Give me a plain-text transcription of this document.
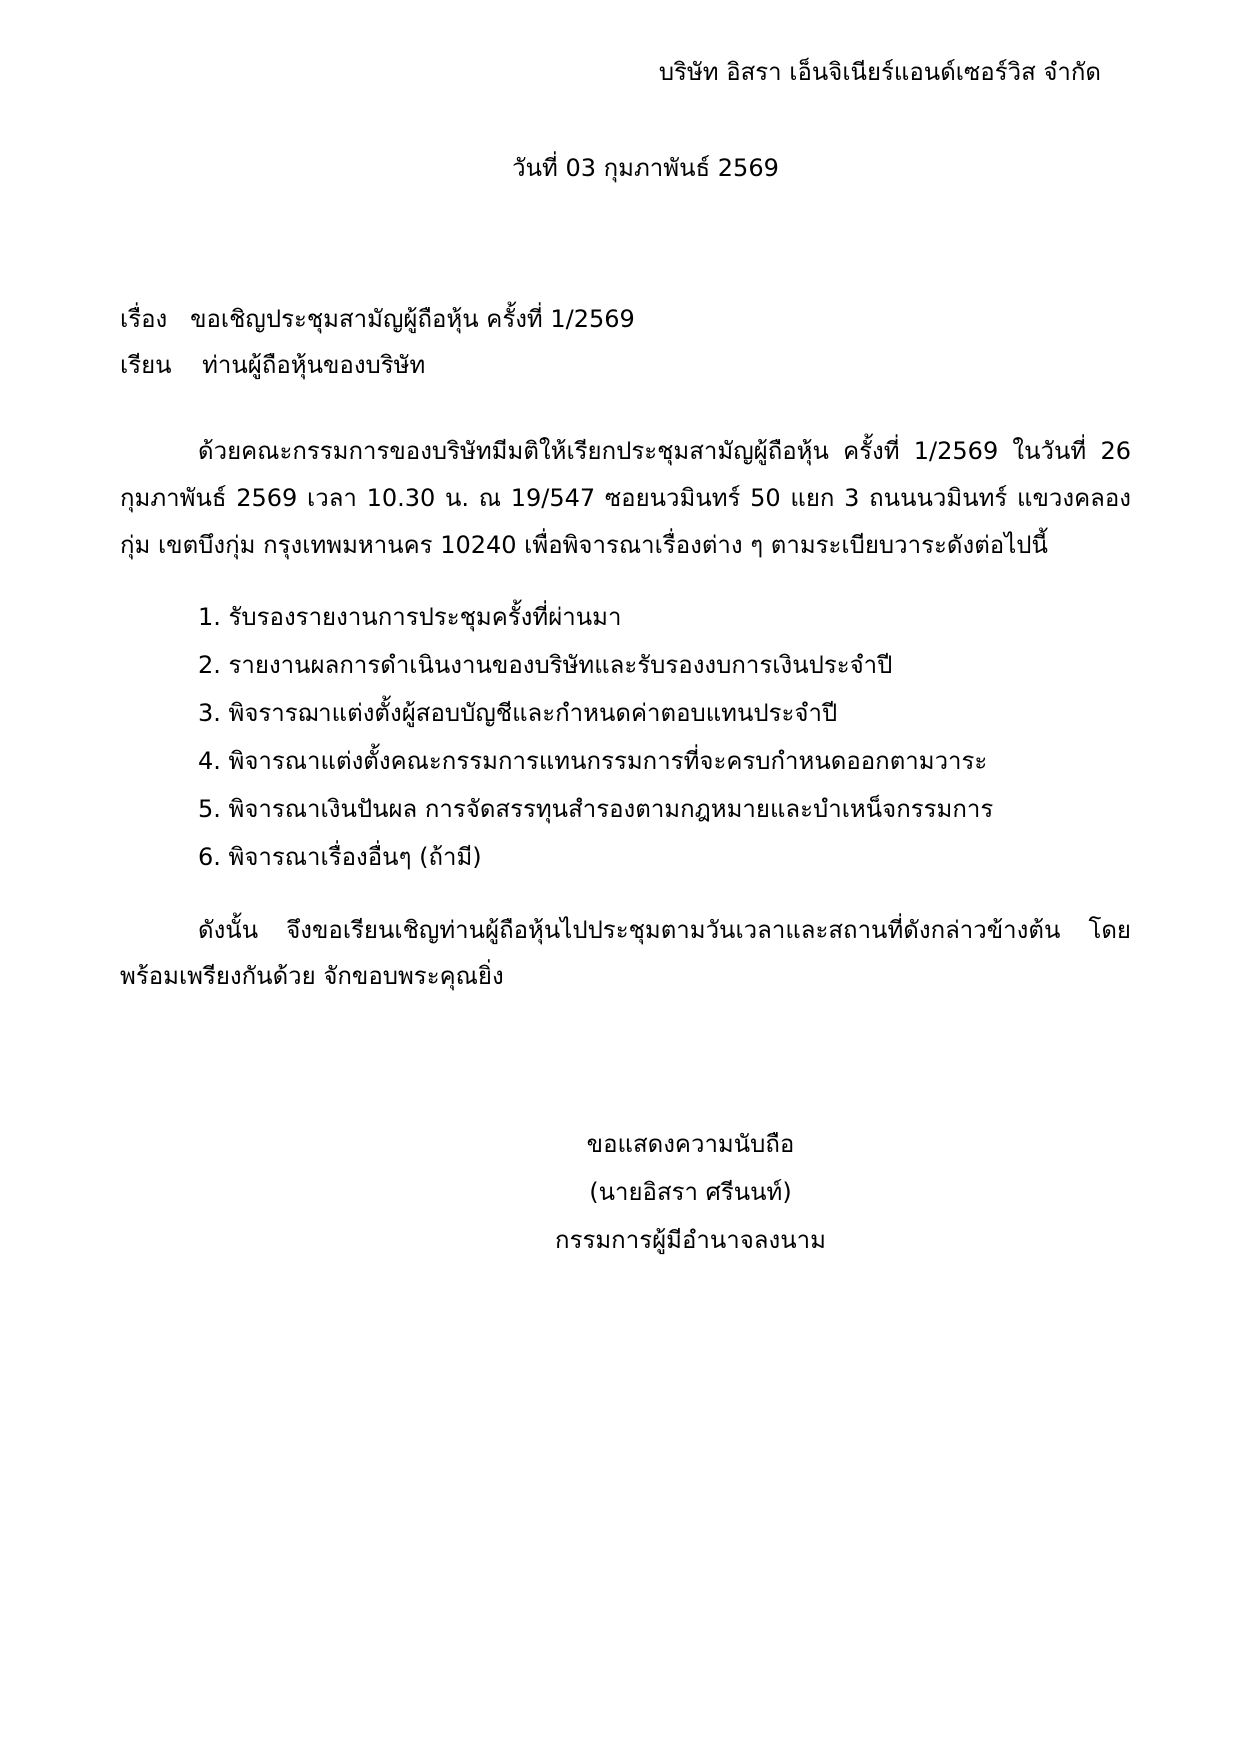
บริษัท อิสรา เอ็นจิเนียร์แอนด์เซอร์วิส จำกัด
วันที่ 03 กุมภาพันธ์ 2569
เรื่อง   ขอเชิญประชุมสามัญผู้ถือหุ้น ครั้งที่ 1/2569
เรียน    ท่านผู้ถือหุ้นของบริษัท

ด้วยคณะกรรมการของบริษัทมีมติให้เรียกประชุมสามัญผู้ถือหุ้น ครั้งที่ 1/2569 ในวันที่ 26 กุมภาพันธ์ 2569 เวลา 10.30 น. ณ 19/547 ซอยนวมินทร์ 50 แยก 3 ถนนนวมินทร์ แขวงคลองกุ่ม เขตบึงกุ่ม กรุงเทพมหานคร 10240 เพื่อพิจารณาเรื่องต่าง ๆ ตามระเบียบวาระดังต่อไปนี้

1. รับรองรายงานการประชุมครั้งที่ผ่านมา
2. รายงานผลการดำเนินงานของบริษัทและรับรองงบการเงินประจำปี
3. พิจรารฌาแต่งตั้งผู้สอบบัญชีและกำหนดค่าตอบแทนประจำปี
4. พิจารณาแต่งตั้งคณะกรรมการแทนกรรมการที่จะครบกำหนดออกตามวาระ
5. พิจารณาเงินปันผล การจัดสรรทุนสำรองตามกฎหมายและบำเหน็จกรรมการ
6. พิจารณาเรื่องอื่นๆ (ถ้ามี)

ดังนั้น จึงขอเรียนเชิญท่านผู้ถือหุ้นไปประชุมตามวันเวลาและสถานที่ดังกล่าวข้างต้น โดยพร้อมเพรียงกันด้วย จักขอบพระคุณยิ่ง

ขอแสดงความนับถือ
(นายอิสรา ศรีนนท์)
กรรมการผู้มีอำนาจลงนาม
